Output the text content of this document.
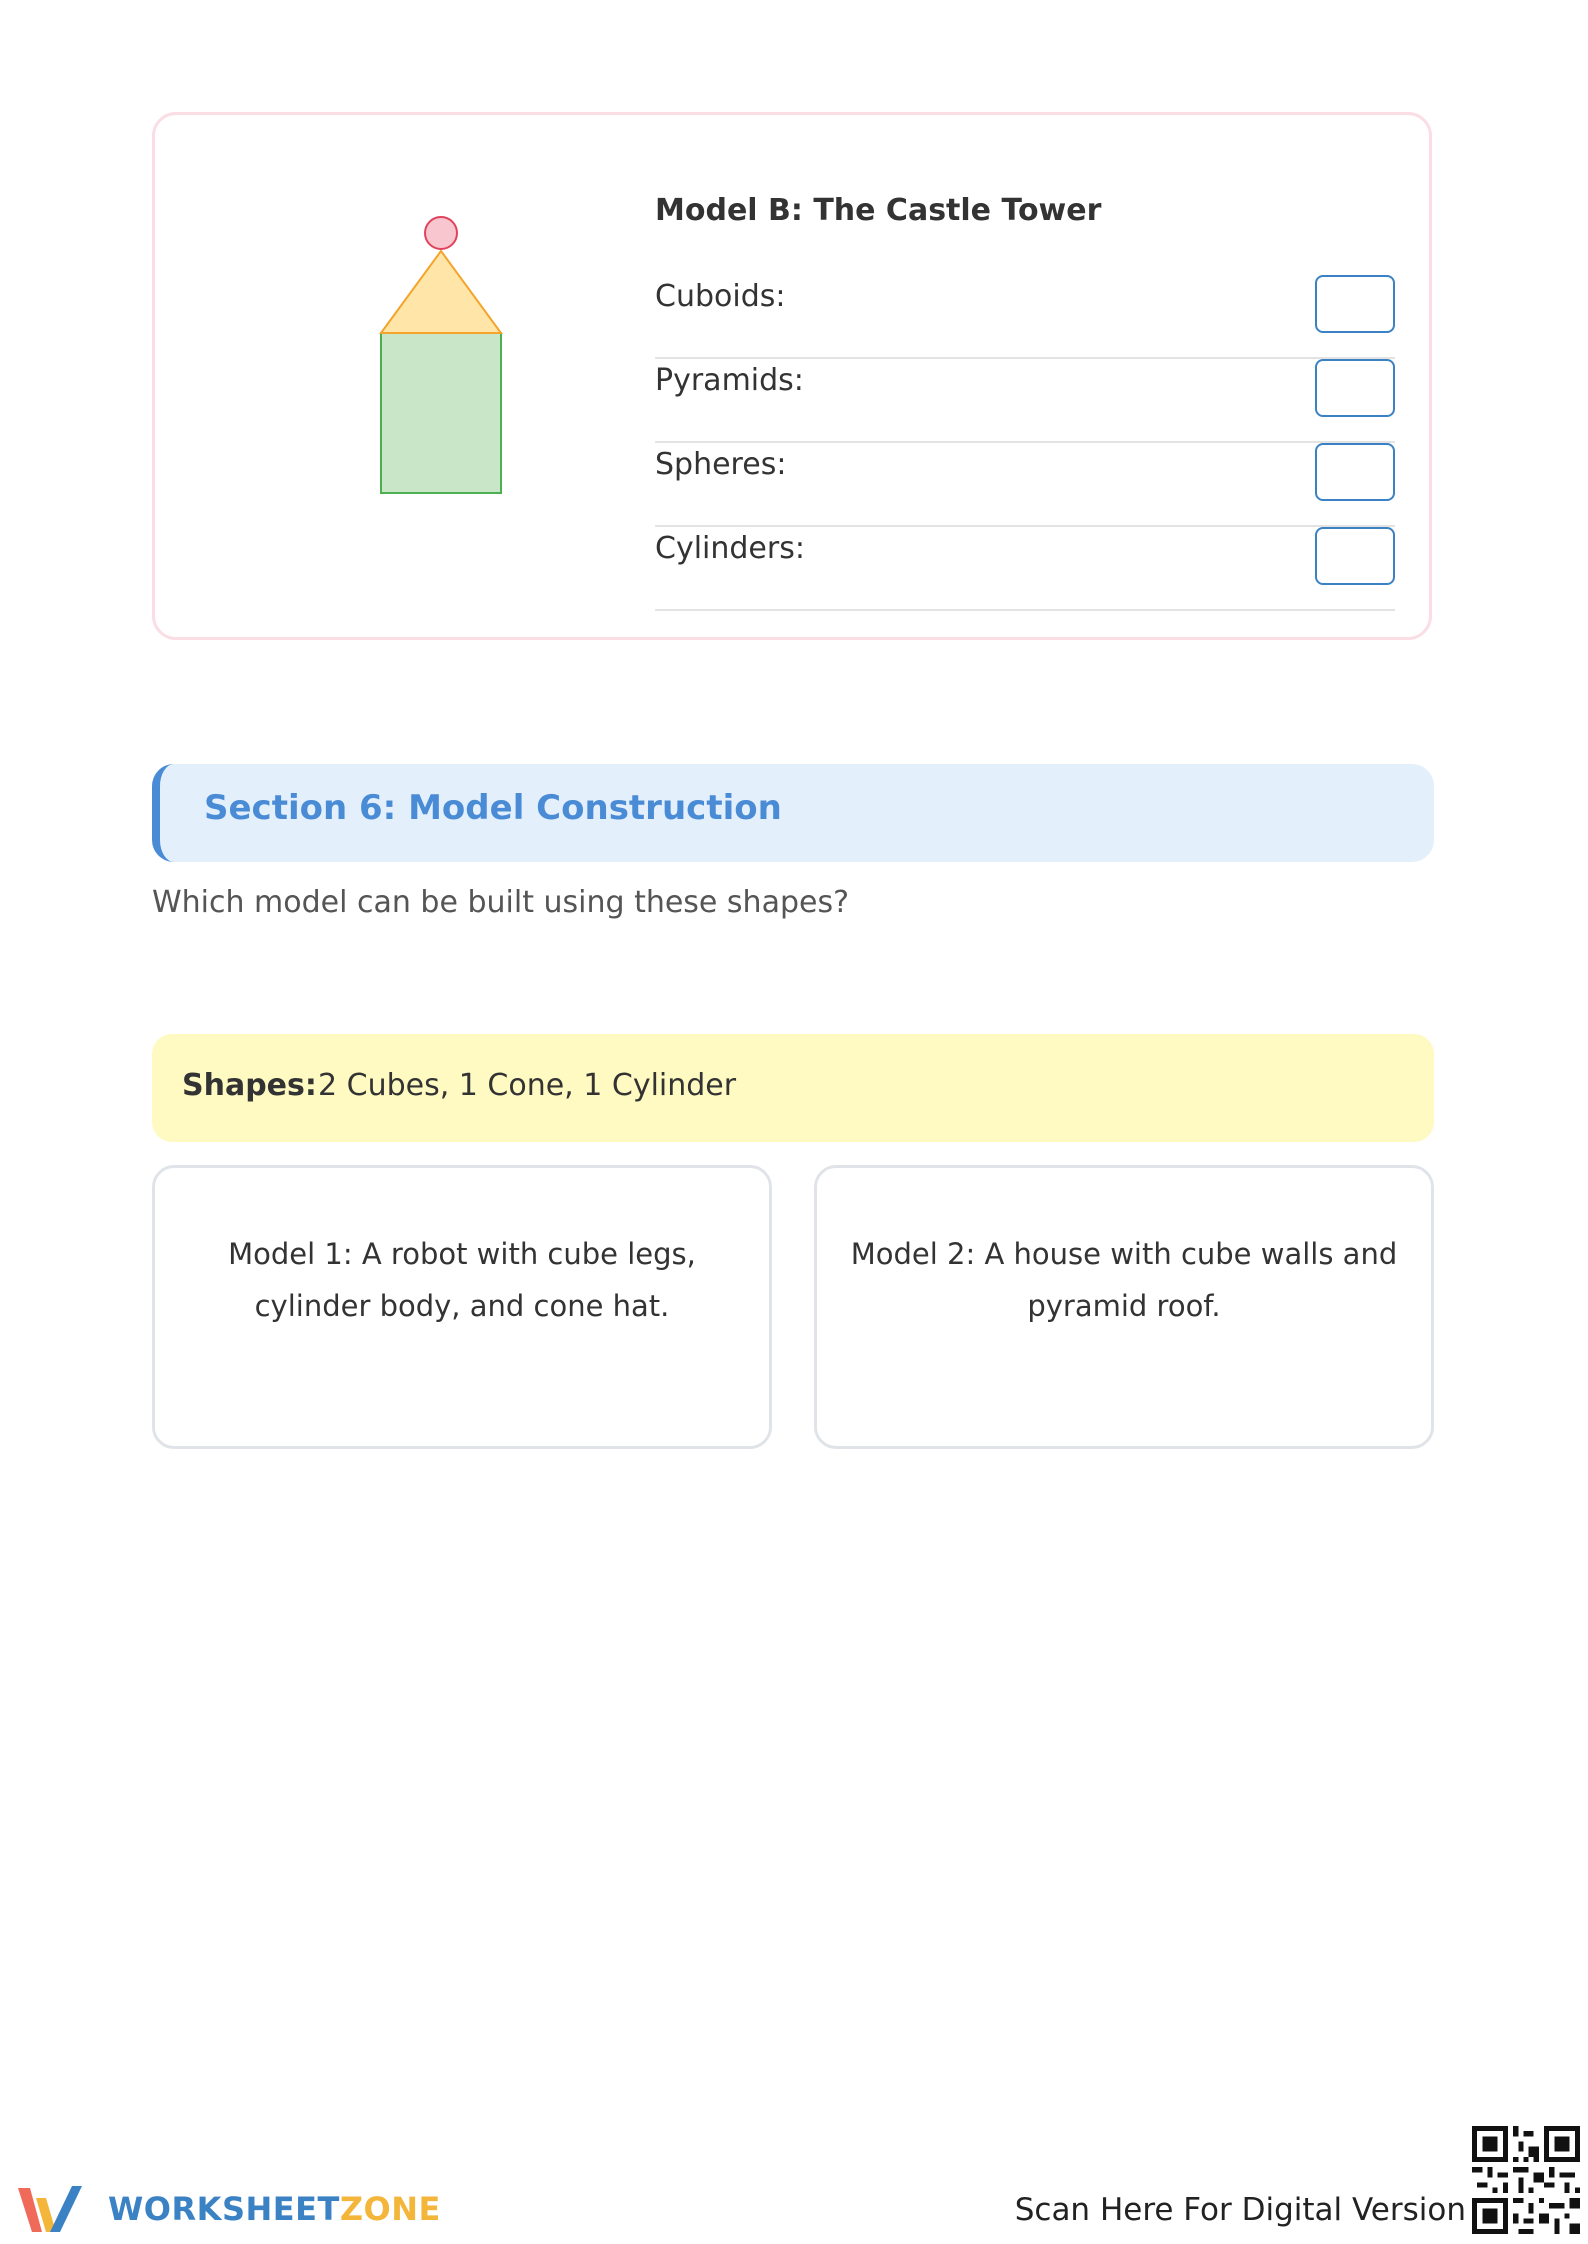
Model B: The Castle Tower
Cuboids:
Pyramids:
Spheres:
Cylinders:
Section 6: Model Construction
Which model can be built using these shapes?
Shapes: 2 Cubes, 1 Cone, 1 Cylinder
Model 1: A robot with cube legs, cylinder body, and cone hat.
Model 2: A house with cube walls and pyramid roof.
WORKSHEETZONE	Scan Here For Digital Version
